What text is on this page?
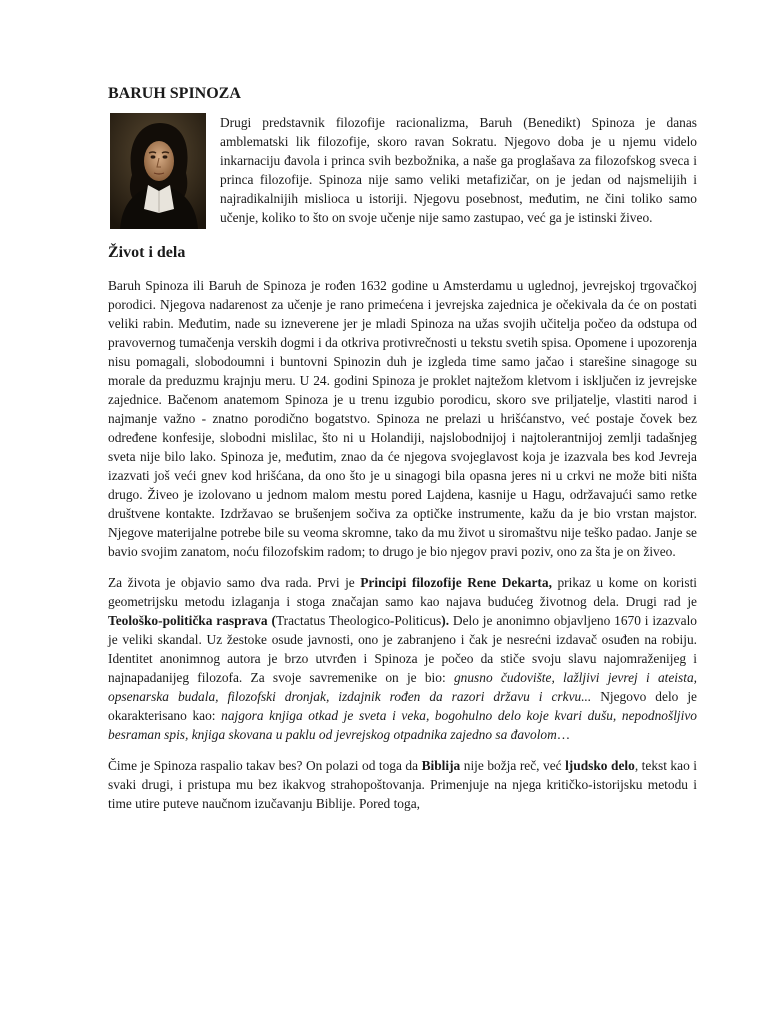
BARUH SPINOZA

Drugi predstavnik filozofije racionalizma, Baruh (Benedikt) Spinoza je danas amblematski lik filozofije, skoro ravan Sokratu. Njegovo doba je u njemu videlo inkarnaciju đavola i princa svih bezbožnika, a naše ga proglašava za filozofskog sveca i princa filozofije. Spinoza nije samo veliki metafizičar, on je jedan od najsmelijih i najradikalnijih mislioca u istoriji. Njegovu posebnost, međutim, ne čini toliko samo učenje, koliko to što on svoje učenje nije samo zastupao, već ga je istinski živeo.

Život i dela

Baruh Spinoza ili Baruh de Spinoza je rođen 1632 godine u Amsterdamu u uglednoj, jevrejskoj trgovačkoj porodici. Njegova nadarenost za učenje je rano primećena i jevrejska zajednica je očekivala da će on postati veliki rabin. Međutim, nade su izneverene jer je mladi Spinoza na užas svojih učitelja počeo da odstupa od pravovernog tumačenja verskih dogmi i da otkriva protivrečnosti u tekstu svetih spisa. Opomene i upozorenja nisu pomagali, slobodoumni i buntovni Spinozin duh je izgleda time samo jačao i starešine sinagoge su morale da preduzmu krajnju meru. U 24. godini Spinoza je proklet najtežom kletvom i isključen iz jevrejske zajednice. Bačenom anatemom Spinoza je u trenu izgubio porodicu, skoro sve priljatelje, vlastiti narod i najmanje važno - znatno porodično bogatstvo. Spinoza ne prelazi u hrišćanstvo, već postaje čovek bez određene konfesije, slobodni mislilac, što ni u Holandiji, najslobodnijoj i najtolerantnijoj zemlji tadašnjeg sveta nije bilo lako. Spinoza je, međutim, znao da će njegova svojeglavost koja je izazvala bes kod Jevreja izazvati još veći gnev kod hrišćana, da ono što je u sinagogi bila opasna jeres ni u crkvi ne može biti ništa drugo. Živeo je izolovano u jednom malom mestu pored Lajdena, kasnije u Hagu, održavajući samo retke društvene kontakte. Izdržavao se brušenjem sočiva za optičke instrumente, kažu da je bio vrstan majstor. Njegove materijalne potrebe bile su veoma skromne, tako da mu život u siromaštvu nije teško padao. Janje se bavio svojim zanatom, noću filozofskim radom; to drugo je bio njegov pravi poziv, ono za šta je on živeo.

Za života je objavio samo dva rada. Prvi je Principi filozofije Rene Dekarta, prikaz u kome on koristi geometrijsku metodu izlaganja i stoga značajan samo kao najava budućeg životnog dela. Drugi rad je Teološko-politička rasprava (Tractatus Theologico-Politicus). Delo je anonimno objavljeno 1670 i izazvalo je veliki skandal. Uz žestoke osude javnosti, ono je zabranjeno i čak je nesrećni izdavač osuđen na robiju. Identitet anonimnog autora je brzo utvrđen i Spinoza je počeo da stiče svoju slavu najomraženijeg i najnapadanijeg filozofa. Za svoje savremenike on je bio: gnusno čudovište, lažljivi jevrej i ateista, opsenarska budala, filozofski dronjak, izdajnik rođen da razori državu i crkvu... Njegovo delo je okarakterisano kao: najgora knjiga otkad je sveta i veka, bogohulno delo koje kvari dušu, nepodnošljivo besraman spis, knjiga skovana u paklu od jevrejskog otpadnika zajedno sa đavolom…

Čime je Spinoza raspalio takav bes? On polazi od toga da Biblija nije božja reč, već ljudsko delo, tekst kao i svaki drugi, i pristupa mu bez ikakvog strahopoštovanja. Primenjuje na njega kritičko-istorijsku metodu i time utire puteve naučnom izučavanju Biblije. Pored toga,
